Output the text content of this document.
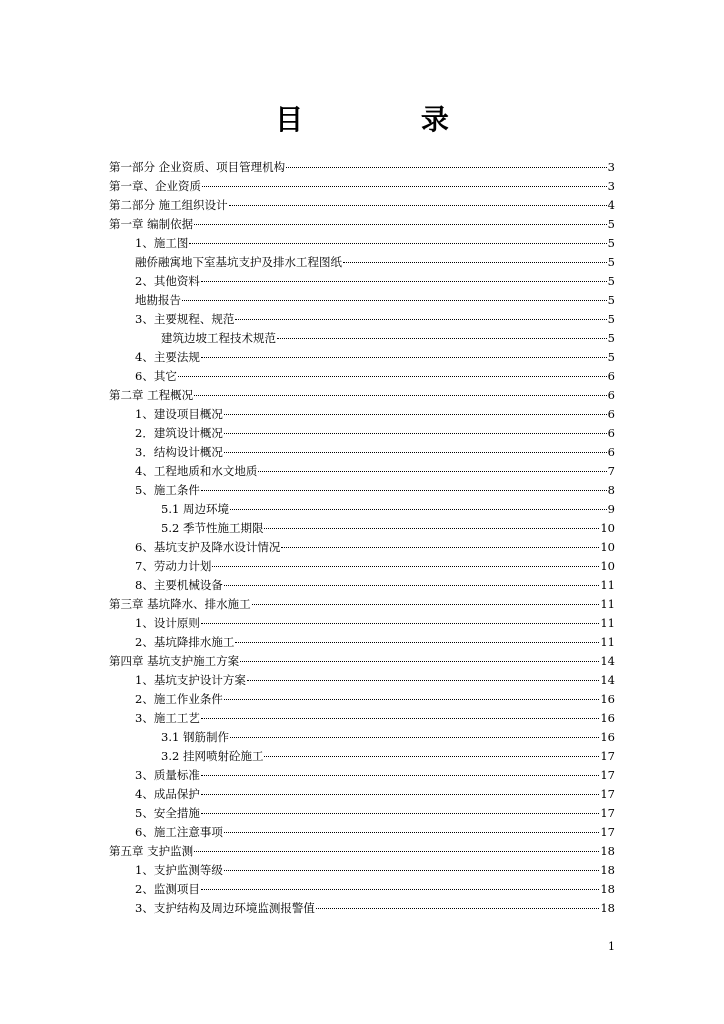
目 录
第一部分 企业资质、项目管理机构	3
第一章、企业资质	3
第二部分 施工组织设计	4
第一章 编制依据	5
1、施工图	5
融侨融寓地下室基坑支护及排水工程图纸	5
2、其他资料	5
地勘报告	5
3、主要规程、规范	5
建筑边坡工程技术规范	5
4、主要法规	5
6、其它	6
第二章 工程概况	6
1、建设项目概况	6
2．建筑设计概况	6
3．结构设计概况	6
4、工程地质和水文地质	7
5、施工条件	8
5.1 周边环境	9
5.2 季节性施工期限	10
6、基坑支护及降水设计情况	10
7、劳动力计划	10
8、主要机械设备	11
第三章 基坑降水、排水施工	11
1、设计原则	11
2、基坑降排水施工	11
第四章 基坑支护施工方案	14
1、基坑支护设计方案	14
2、施工作业条件	16
3、施工工艺	16
3.1 钢筋制作	16
3.2 挂网喷射砼施工	17
3、质量标准	17
4、成品保护	17
5、安全措施	17
6、施工注意事项	17
第五章 支护监测	18
1、支护监测等级	18
2、监测项目	18
3、支护结构及周边环境监测报警值	18
1
